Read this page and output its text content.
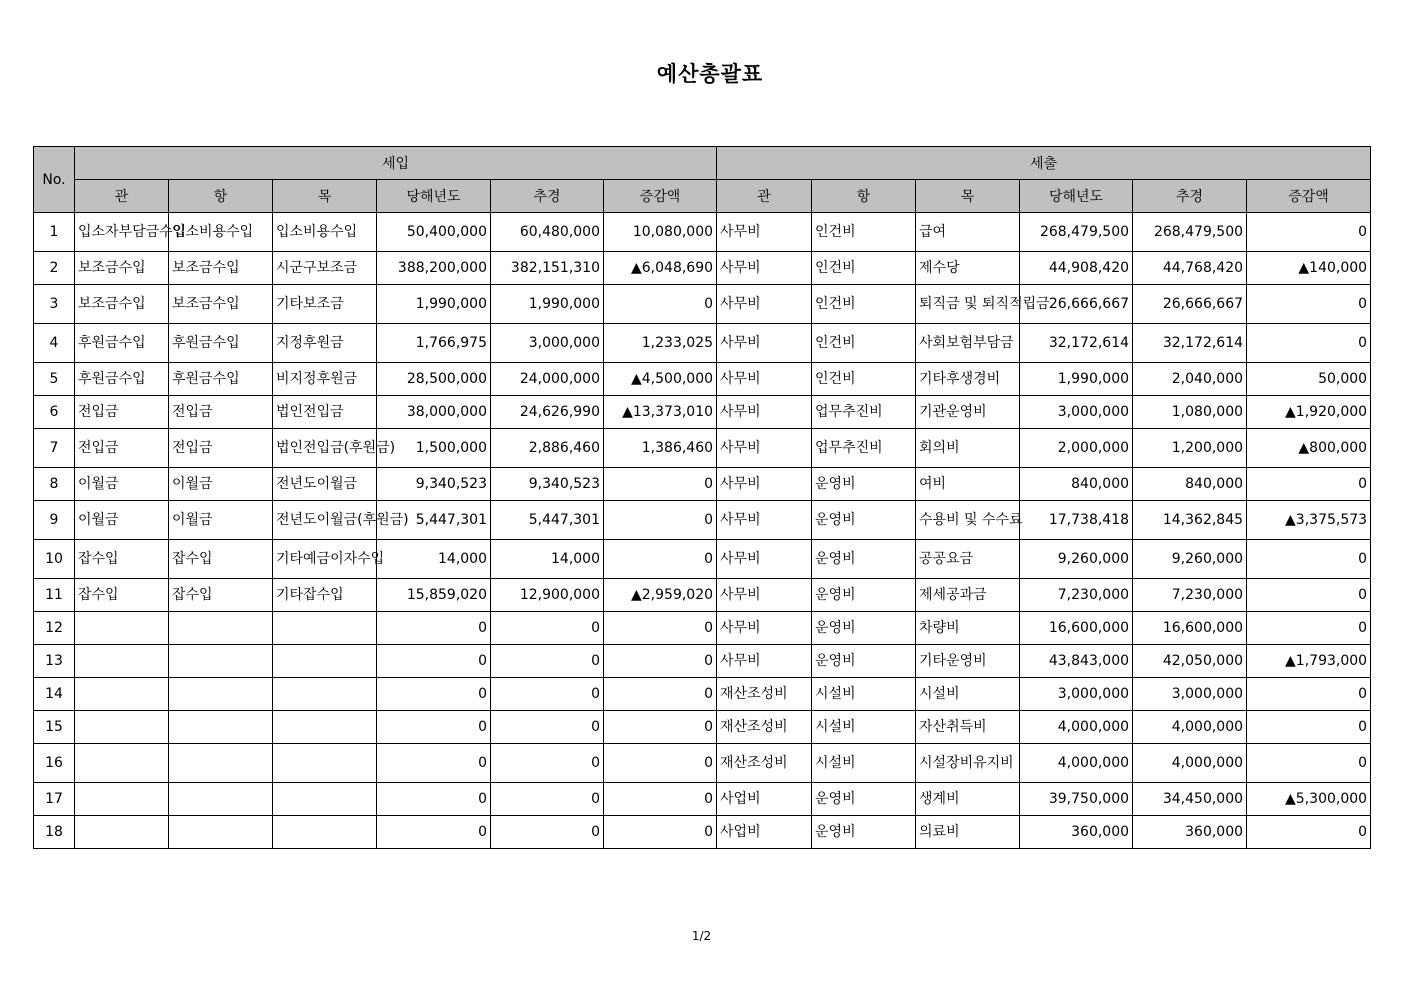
예산총괄표
No.	세입						세출					
	관	항	목	당해년도	추경	증감액	관	항	목	당해년도	추경	증감액
1	입소자부담금수입	입소비용수입	입소비용수입	50,400,000	60,480,000	10,080,000	사무비	인건비	급여	268,479,500	268,479,500	0
2	보조금수입	보조금수입	시군구보조금	388,200,000	382,151,310	▲6,048,690	사무비	인건비	제수당	44,908,420	44,768,420	▲140,000
3	보조금수입	보조금수입	기타보조금	1,990,000	1,990,000	0	사무비	인건비	퇴직금 및 퇴직적립금	26,666,667	26,666,667	0
4	후원금수입	후원금수입	지정후원금	1,766,975	3,000,000	1,233,025	사무비	인건비	사회보험부담금	32,172,614	32,172,614	0
5	후원금수입	후원금수입	비지정후원금	28,500,000	24,000,000	▲4,500,000	사무비	인건비	기타후생경비	1,990,000	2,040,000	50,000
6	전입금	전입금	법인전입금	38,000,000	24,626,990	▲13,373,010	사무비	업무추진비	기관운영비	3,000,000	1,080,000	▲1,920,000
7	전입금	전입금	법인전입금(후원금)	1,500,000	2,886,460	1,386,460	사무비	업무추진비	회의비	2,000,000	1,200,000	▲800,000
8	이월금	이월금	전년도이월금	9,340,523	9,340,523	0	사무비	운영비	여비	840,000	840,000	0
9	이월금	이월금	전년도이월금(후원금)	5,447,301	5,447,301	0	사무비	운영비	수용비 및 수수료	17,738,418	14,362,845	▲3,375,573
10	잡수입	잡수입	기타예금이자수입	14,000	14,000	0	사무비	운영비	공공요금	9,260,000	9,260,000	0
11	잡수입	잡수입	기타잡수입	15,859,020	12,900,000	▲2,959,020	사무비	운영비	제세공과금	7,230,000	7,230,000	0
12				0	0	0	사무비	운영비	차량비	16,600,000	16,600,000	0
13				0	0	0	사무비	운영비	기타운영비	43,843,000	42,050,000	▲1,793,000
14				0	0	0	재산조성비	시설비	시설비	3,000,000	3,000,000	0
15				0	0	0	재산조성비	시설비	자산취득비	4,000,000	4,000,000	0
16				0	0	0	재산조성비	시설비	시설장비유지비	4,000,000	4,000,000	0
17				0	0	0	사업비	운영비	생계비	39,750,000	34,450,000	▲5,300,000
18				0	0	0	사업비	운영비	의료비	360,000	360,000	0
1/2
